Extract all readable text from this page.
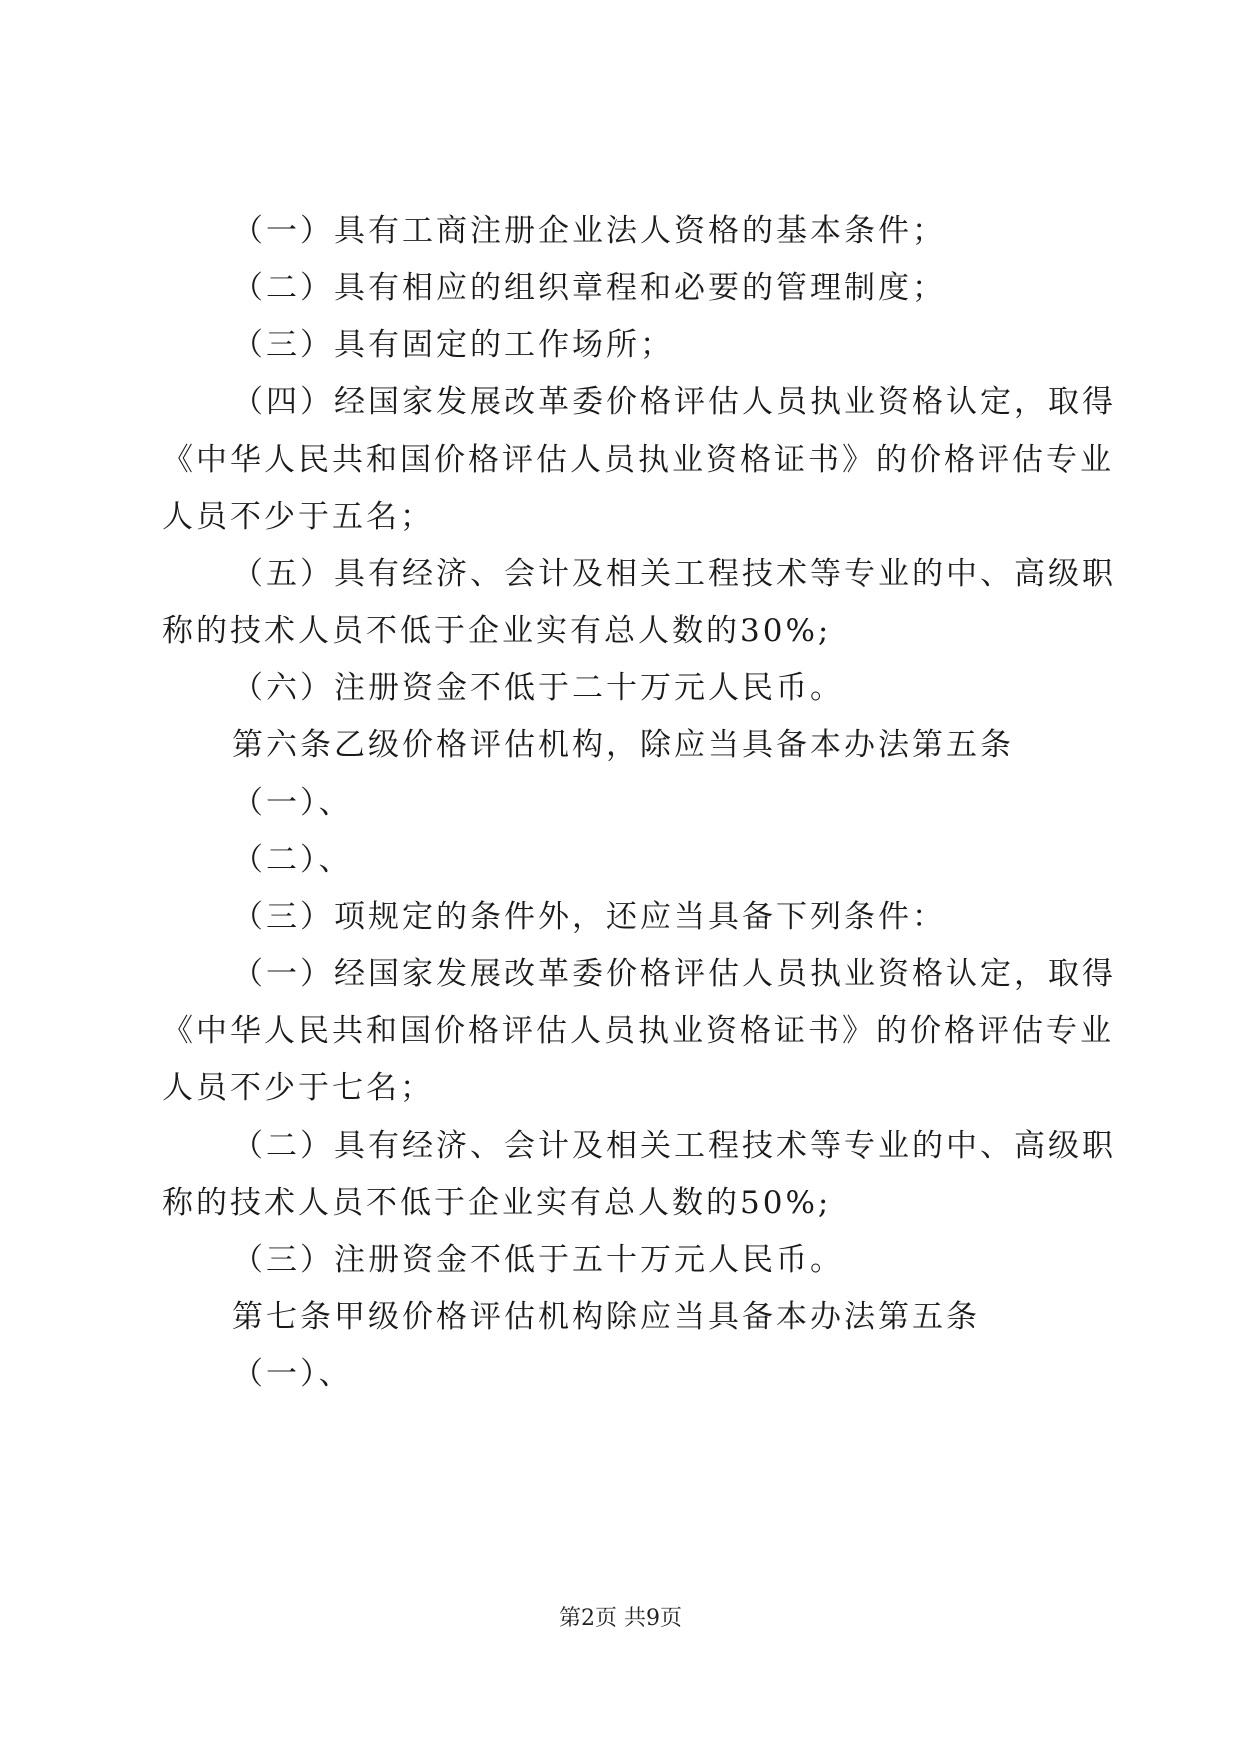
（一）具有工商注册企业法人资格的基本条件；
（二）具有相应的组织章程和必要的管理制度；
（三）具有固定的工作场所；
（四）经国家发展改革委价格评估人员执业资格认定，取得
《中华人民共和国价格评估人员执业资格证书》的价格评估专业
人员不少于五名；
（五）具有经济、会计及相关工程技术等专业的中、高级职
称的技术人员不低于企业实有总人数的30%;
（六）注册资金不低于二十万元人民币。
第六条乙级价格评估机构，除应当具备本办法第五条
（一）、
（二）、
（三）项规定的条件外，还应当具备下列条件：
（一）经国家发展改革委价格评估人员执业资格认定，取得
《中华人民共和国价格评估人员执业资格证书》的价格评估专业
人员不少于七名；
（二）具有经济、会计及相关工程技术等专业的中、高级职
称的技术人员不低于企业实有总人数的50%;
（三）注册资金不低于五十万元人民币。
第七条甲级价格评估机构除应当具备本办法第五条
（一）、
第2页 共9页
